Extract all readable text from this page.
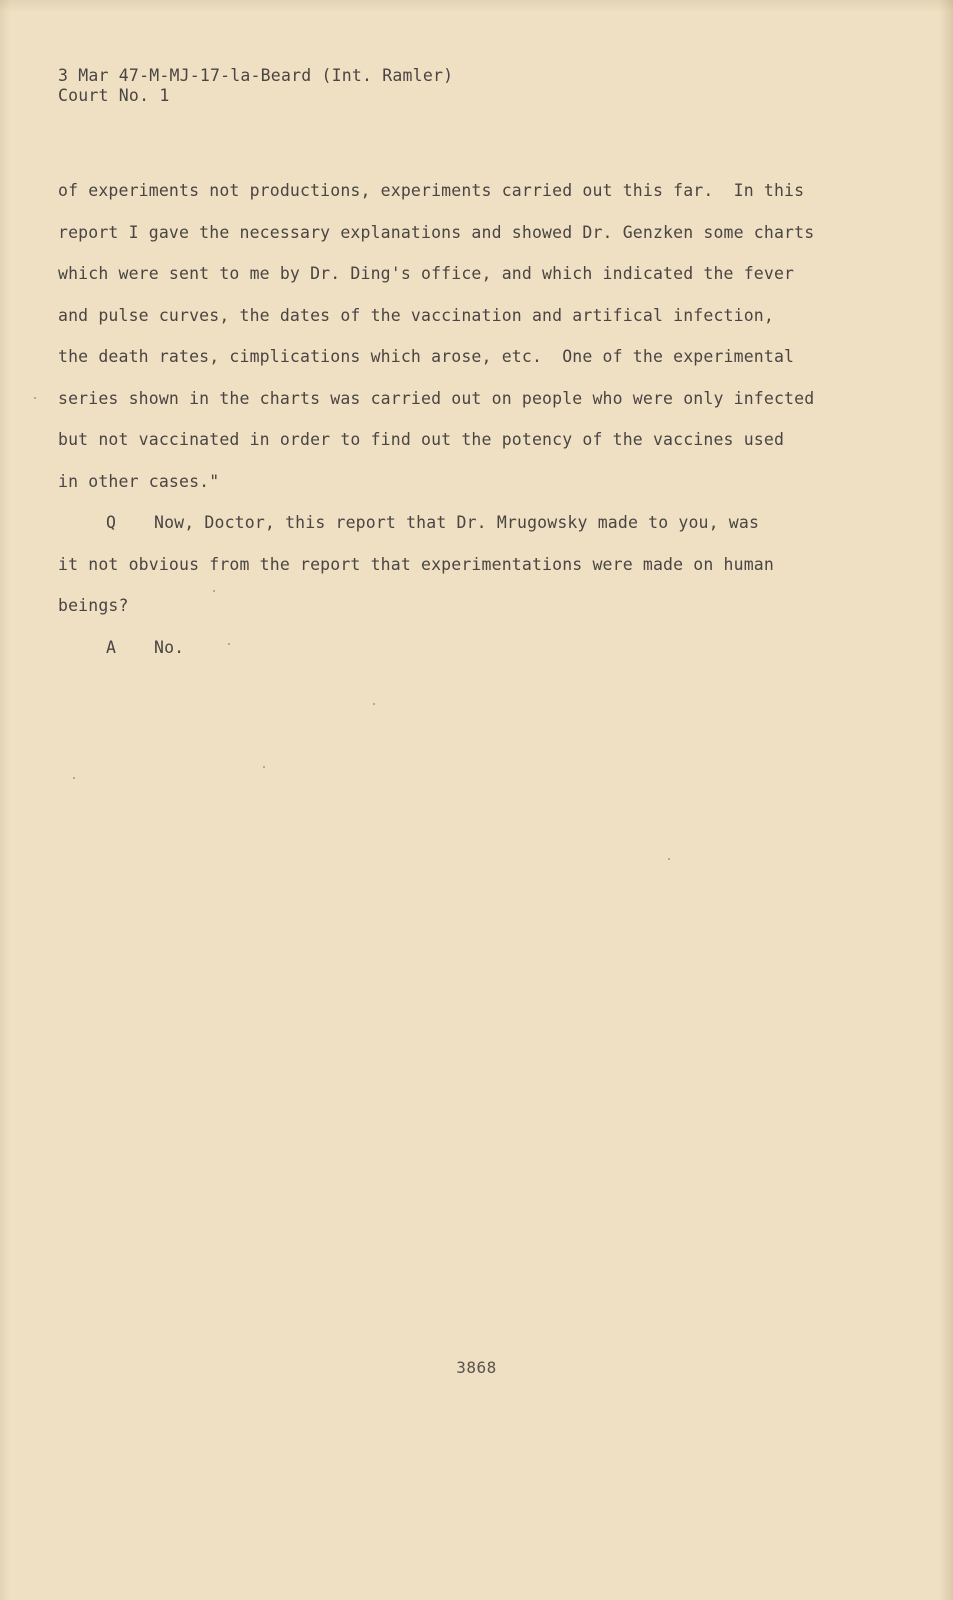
3 Mar 47-M-MJ-17-la-Beard (Int. Ramler)
Court No. 1
of experiments not productions, experiments carried out this far.  In this
report I gave the necessary explanations and showed Dr. Genzken some charts
which were sent to me by Dr. Ding's office, and which indicated the fever
and pulse curves, the dates of the vaccination and artifical infection,
the death rates, cimplications which arose, etc.  One of the experimental
series shown in the charts was carried out on people who were only infected
but not vaccinated in order to find out the potency of the vaccines used
in other cases."
Q	Now, Doctor, this report that Dr. Mrugowsky made to you, was
it not obvious from the report that experimentations were made on human
beings?
A	No.
3868
